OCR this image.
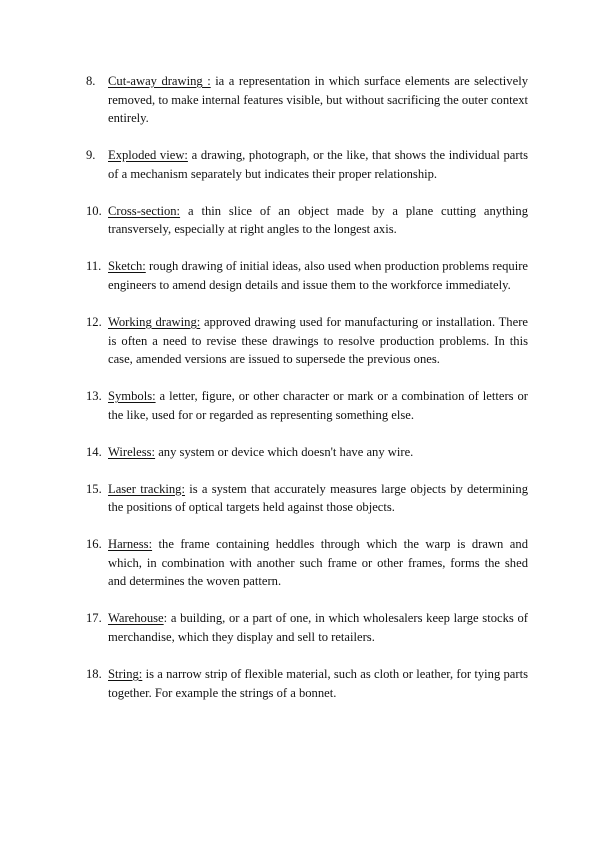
8. Cut-away drawing : ia a representation in which surface elements are selectively removed, to make internal features visible, but without sacrificing the outer context entirely.
9. Exploded view: a drawing, photograph, or the like, that shows the individual parts of a mechanism separately but indicates their proper relationship.
10. Cross-section: a thin slice of an object made by a plane cutting anything transversely, especially at right angles to the longest axis.
11. Sketch: rough drawing of initial ideas, also used when production problems require engineers to amend design details and issue them to the workforce immediately.
12. Working drawing: approved drawing used for manufacturing or installation. There is often a need to revise these drawings to resolve production problems. In this case, amended versions are issued to supersede the previous ones.
13. Symbols: a letter, figure, or other character or mark or a combination of letters or the like, used for or regarded as representing something else.
14. Wireless: any system or device which doesn't have any wire.
15. Laser tracking: is a system that accurately measures large objects by determining the positions of optical targets held against those objects.
16. Harness: the frame containing heddles through which the warp is drawn and which, in combination with another such frame or other frames, forms the shed and determines the woven pattern.
17. Warehouse: a building, or a part of one, in which wholesalers keep large stocks of merchandise, which they display and sell to retailers.
18. String: is a narrow strip of flexible material, such as cloth or leather, for tying parts together. For example the strings of a bonnet.
